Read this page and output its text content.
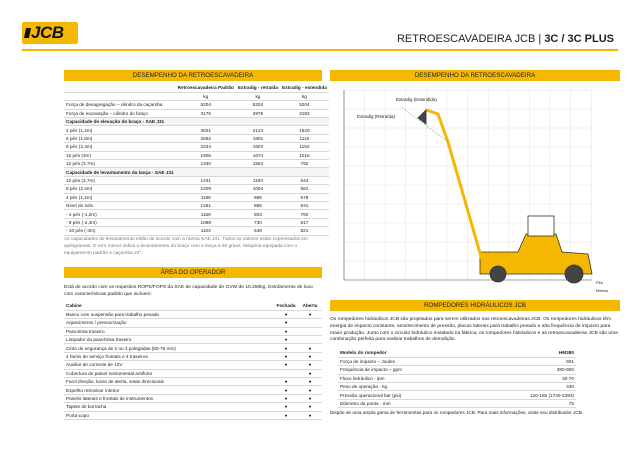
JCB	RETROESCAVADEIRA JCB | 3C / 3C PLUS
DESEMPENHO DA RETROESCAVADEIRA
	Retroescavadeira Padrão	Extradig - retraída	Extradig - estendida
	kg	kg	kg
Força de desagregação – cilindro da caçamba	5204	5204	5204
Força de escavação – cilindro do braço	3176	2979	2182
Capacidade de elevação do braço - SAE J31			
4 pés (1,2m)	3021	2123	1820
6 pés (1,8m)	2652	1801	1116
8 pés (2,4m)	2244	1603	1152
10 pés (3m)	1906	1674	1016
12 pés (3,7m)	1340	1563	792
Capacidade de levantamento da lança - SAE J31			
12 pés (3,7m)	1431	1193	644
8 pés (2,4m)	1209	1004	581
4 pés (1,2m)	1198	989	578
Nível do solo	1261	885	631
- 4 pés (-1,2m)	1159	803	760
- 8 pés (-2,4m)	1098	730	817
- 10 pés (-3m)	1103	649	821
As capacidades de levantamento estão de acordo com a norma SAE J31. Todos os valores estão expressados em quilogramas. O erro menor indica o levantamento do braço com a lança a 60 graus. Máquina equipada com o equipamento padrão e caçamba 24”.
ÁREA DO OPERADOR
Está de acordo com os requisitos ROPS/FOPS da SAE de capacidade de GVW de 10.250kg. Estofamento de luxo com características padrão que incluem:
Cabine	Fechada	Aberta
Banco com suspensão para trabalho pesado	●	●
Aquecimento / pressurização	●	
Para-brisa traseiro	●	
Limpador do para-brisa traseiro	●	
Cinto de segurança de 2 ou 3 polegadas (50-75 mm)	●	●
4 faróis de serviço frontais e 4 traseiros	●	●
Auxiliar de corrente de 12V	●	●
Cobertura do painel instrumental antifurto		●
Farol direção, luzes de alerta, setas direcionais	●	●
Espelho retrovisor interior	●	●
Painéis laterais e frontais de instrumentos	●	●
Tapete de borracha	●	●
Porta-copo	●	●
DESEMPENHO DA RETROESCAVADEIRA
Extradig (Estendida)
Extradig (Retraída)
Pés
Metros
ROMPEDORES HIDRÁULICOS JCB
Os rompedores hidráulicos JCB são projetados para serem utilizados nas retroescavadeiras JCB. Os rompedores hidráulicos têm energia de impacto constante, amortecimento de pressão, placas laterais para trabalho pesado e alta frequência de impacto para maior produção. Junto com o circuito hidráulico instalado na fábrica, os rompedores hidráulicos e as retroescavadeiras JCB são uma combinação perfeita para realizar trabalhos de demolição.
Modelo do rompedor	HM380
Força de impacto – Joules	901
Frequência de impacto – gpm	380-900
Fluxo hidráulico - lpm	30-70
Peso de operação - kg	330
Pressão operacional bar (psi)	120-165 (1740-2393)
Diâmetro da ponta - mm	75
Dispõe de uma ampla gama de ferramentas para os rompedores JCB. Para mais informações, visite seu distribuidor JCB.
